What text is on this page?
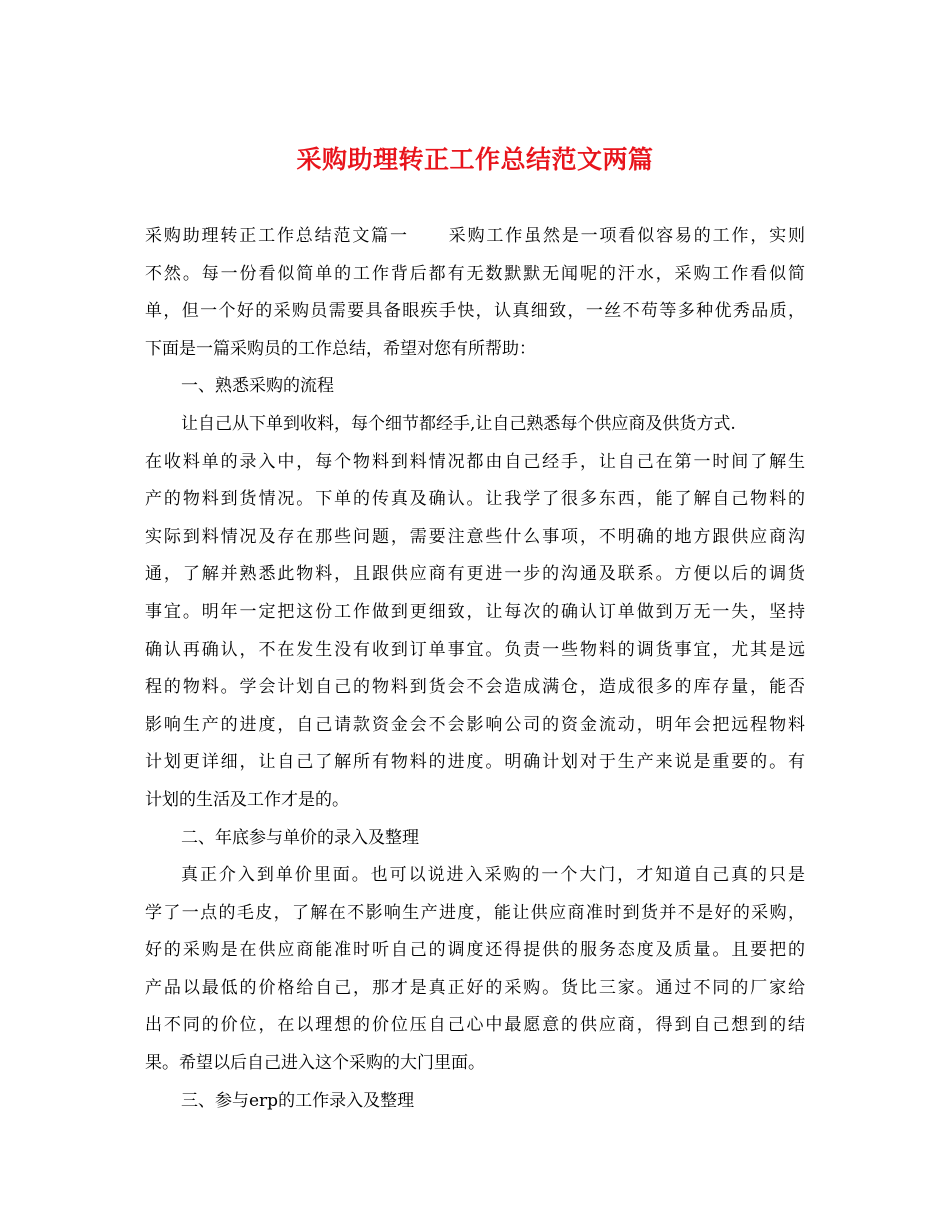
采购助理转正工作总结范文两篇
采购助理转正工作总结范文篇一 采购工作虽然是一项看似容易的工作，实则
不然。每一份看似简单的工作背后都有无数默默无闻呢的汗水，采购工作看似简
单，但一个好的采购员需要具备眼疾手快，认真细致，一丝不苟等多种优秀品质，
下面是一篇采购员的工作总结，希望对您有所帮助：
一、熟悉采购的流程
让自己从下单到收料，每个细节都经手,让自己熟悉每个供应商及供货方式.
在收料单的录入中，每个物料到料情况都由自己经手，让自己在第一时间了解生
产的物料到货情况。下单的传真及确认。让我学了很多东西，能了解自己物料的
实际到料情况及存在那些问题，需要注意些什么事项，不明确的地方跟供应商沟
通，了解并熟悉此物料，且跟供应商有更进一步的沟通及联系。方便以后的调货
事宜。明年一定把这份工作做到更细致，让每次的确认订单做到万无一失，坚持
确认再确认，不在发生没有收到订单事宜。负责一些物料的调货事宜，尤其是远
程的物料。学会计划自己的物料到货会不会造成满仓，造成很多的库存量，能否
影响生产的进度，自己请款资金会不会影响公司的资金流动，明年会把远程物料
计划更详细，让自己了解所有物料的进度。明确计划对于生产来说是重要的。有
计划的生活及工作才是的。
二、年底参与单价的录入及整理
真正介入到单价里面。也可以说进入采购的一个大门，才知道自己真的只是
学了一点的毛皮，了解在不影响生产进度，能让供应商准时到货并不是好的采购，
好的采购是在供应商能准时听自己的调度还得提供的服务态度及质量。且要把的
产品以最低的价格给自己，那才是真正好的采购。货比三家。通过不同的厂家给
出不同的价位，在以理想的价位压自己心中最愿意的供应商，得到自己想到的结
果。希望以后自己进入这个采购的大门里面。
三、参与erp的工作录入及整理
